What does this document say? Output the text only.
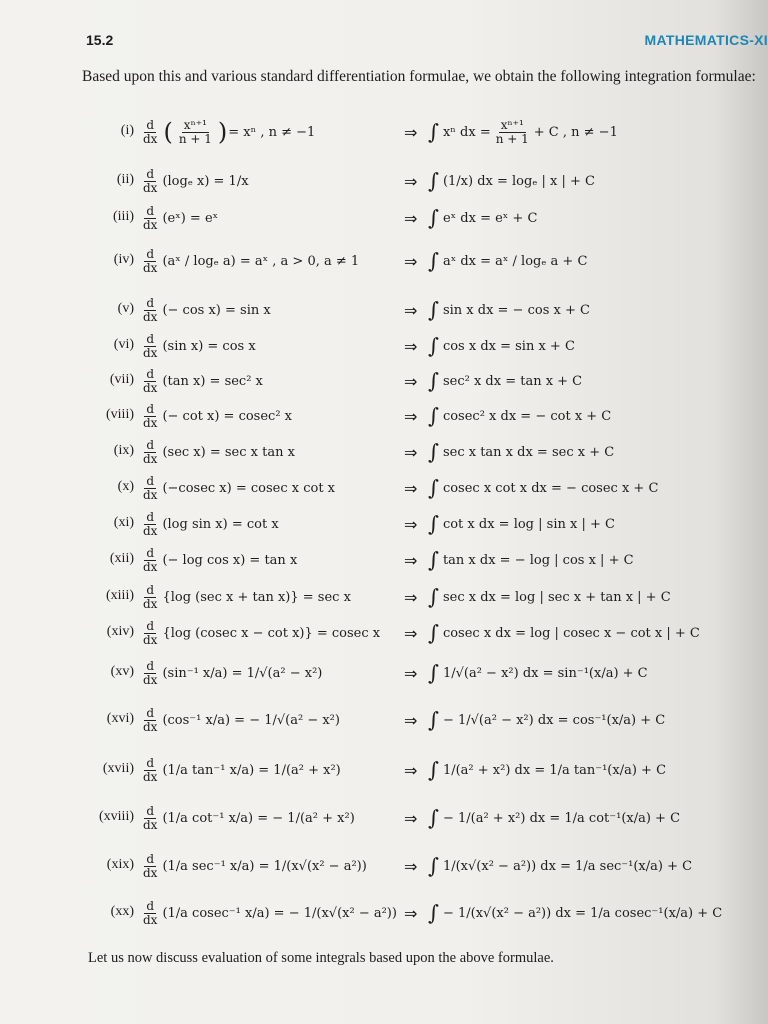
15.2	MATHEMATICS-XI
Based upon this and various standard differentiation formulae, we obtain the following integration formulae:
$(i) \frac{d}{dx}$ ( $\frac{\text{xⁿ⁺¹}}{n + 1}$ ) = xⁿ , n ≠ −1	⇒ ∫ xⁿ dx = $\frac{\text{xⁿ⁺¹}}{n + 1} + C$ , n ≠ −1
$(ii) \frac{d}{dx} (\log_e$ x) = 1/x	⇒ ∫ (1/x) dx = logₑ | x | + C
$(iii) \frac{d}{dx}$ (eˣ) = eˣ	⇒ ∫ eˣ dx = eˣ + C
$(iv) \frac{d}{dx}$ (aˣ / logₑ a) = aˣ , a > 0, a ≠ 1	⇒ ∫ aˣ dx = aˣ / logₑ a + C
$(v) \frac{d}{dx}$ (− cos x) = sin x	⇒ ∫ sin x dx = − cos x + C
$(vi) \frac{d}{dx} (\sin$ x) = cos x	⇒ ∫ cos x dx = sin x + C
$(vii) \frac{d}{dx} (\tan$ x) = sec² x	⇒ ∫ sec² x dx = tan x + C
(viii) $\frac{d}{dx}$ (− cot x) = cosec² x	⇒ ∫ cosec² x dx = − cot x + C
$(ix) \frac{d}{dx} (\sec$ x) = sec x tan x	⇒ ∫ sec x tan x dx = sec x + C
$(x) \frac{d}{dx} (-cosec$ x) = cosec x cot x	⇒ ∫ cosec x cot x dx = − cosec x + C
$(xi) \frac{d}{dx} (\log$ sin x) = cot x	⇒ ∫ cot x dx = log | sin x | + C
$(xii) \frac{d}{dx}$ (− log cos x) = tan x	⇒ ∫ tan x dx = − log | cos x | + C
(xiii) $\frac{d}{dx} \{\log$ (sec x + tan x)} = sec x	⇒ ∫ sec x dx = log | sec x + tan x | + C
$(xiv) \frac{d}{dx} \{\log$ (cosec x − cot x)} = cosec x ⇒ ∫ cosec x dx = log | cosec x − cot x | + C
$(xv) \frac{d}{dx} (\sin^{-1}$ x/a) = 1/√(a² − x²)	⇒ ∫ 1/√(a² − x²) dx = sin⁻¹(x/a) + C
$(xvi) \frac{d}{dx} (\cos^{-1}$ x/a) = − 1/√(a² − x²)	⇒ ∫ − 1/√(a² − x²) dx = cos⁻¹(x/a) + C
(xvii) $\frac{d}{dx} (1/a$ tan⁻¹ x/a) = 1/(a² + x²)	⇒ ∫ 1/(a² + x²) dx = 1/a tan⁻¹(x/a) + C
(xviii) $\frac{d}{dx} (1/a$ cot⁻¹ x/a) = − 1/(a² + x²)	⇒ ∫ − 1/(a² + x²) dx = 1/a cot⁻¹(x/a) + C
$(xix) \frac{d}{dx} (1/a$ sec⁻¹ x/a) = 1/(x√(x² − a²)) ⇒ ∫ 1/(x√(x² − a²)) dx = 1/a sec⁻¹(x/a) + C
$(xx) \frac{d}{dx} (1/a$ cosec⁻¹ x/a) = − 1/(x√(x² − a²)) ⇒ ∫ − 1/(x√(x² − a²)) dx = 1/a cosec⁻¹(x/a) + C
Let us now discuss evaluation of some integrals based upon the above formulae.
